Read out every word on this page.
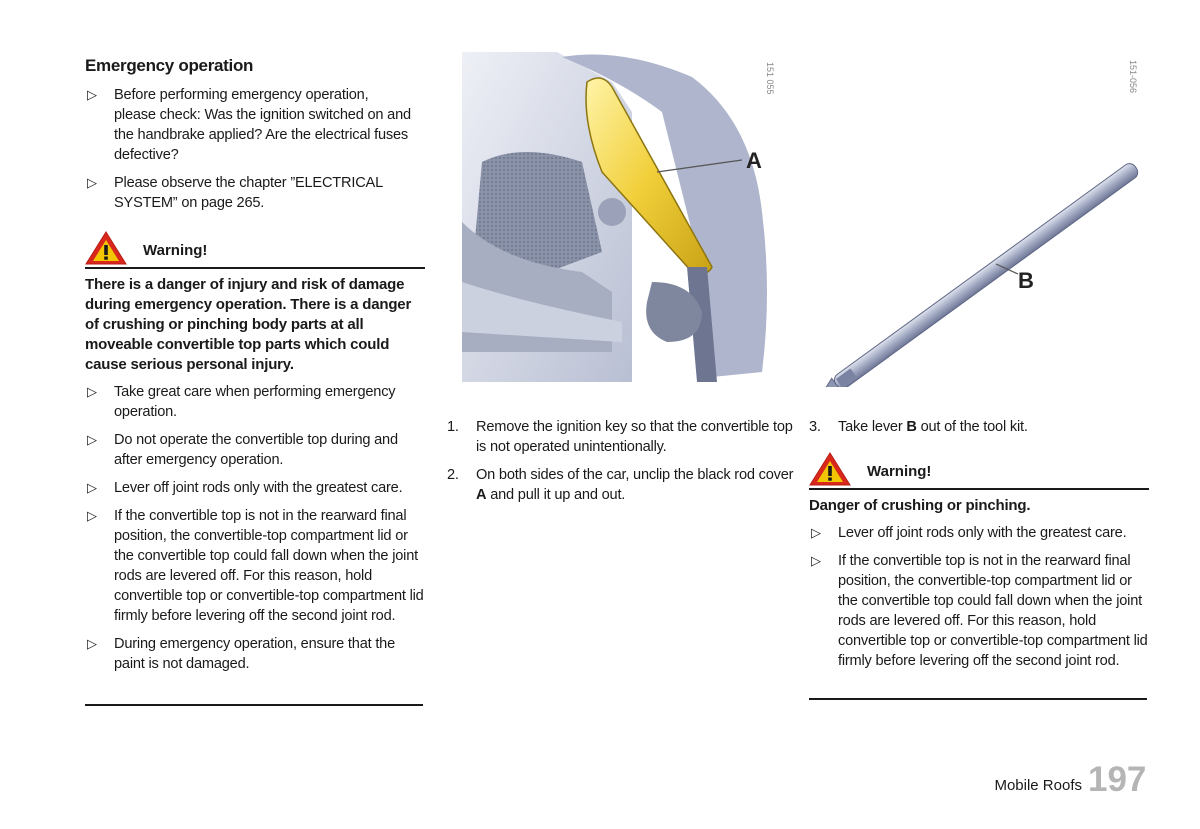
Emergency operation
▷ Before performing emergency operation, please check: Was the ignition switched on and the handbrake applied? Are the electrical fuses defective?
▷ Please observe the chapter ”ELECTRICAL SYSTEM” on page 265.
Warning!
There is a danger of injury and risk of damage during emergency operation. There is a danger of crushing or pinching body parts at all moveable convertible top parts which could cause serious personal injury.
▷ Take great care when performing emergency operation.
▷ Do not operate the convertible top during and after emergency operation.
▷ Lever off joint rods only with the greatest care.
▷ If the convertible top is not in the rearward final position, the convertible-top compartment lid or the convertible top could fall down when the joint rods are levered off. For this reason, hold convertible top or convertible-top compartment lid firmly before levering off the second joint rod.
▷ During emergency operation, ensure that the paint is not damaged.
A
151 055
B
151-056
1. Remove the ignition key so that the convertible top is not operated unintentionally.
2. On both sides of the car, unclip the black rod cover A and pull it up and out.
3. Take lever B out of the tool kit.
Warning!
Danger of crushing or pinching.
▷ Lever off joint rods only with the greatest care.
▷ If the convertible top is not in the rearward final position, the convertible-top compartment lid or the convertible top could fall down when the joint rods are levered off. For this reason, hold convertible top or convertible-top compartment lid firmly before levering off the second joint rod.
Mobile Roofs 197
